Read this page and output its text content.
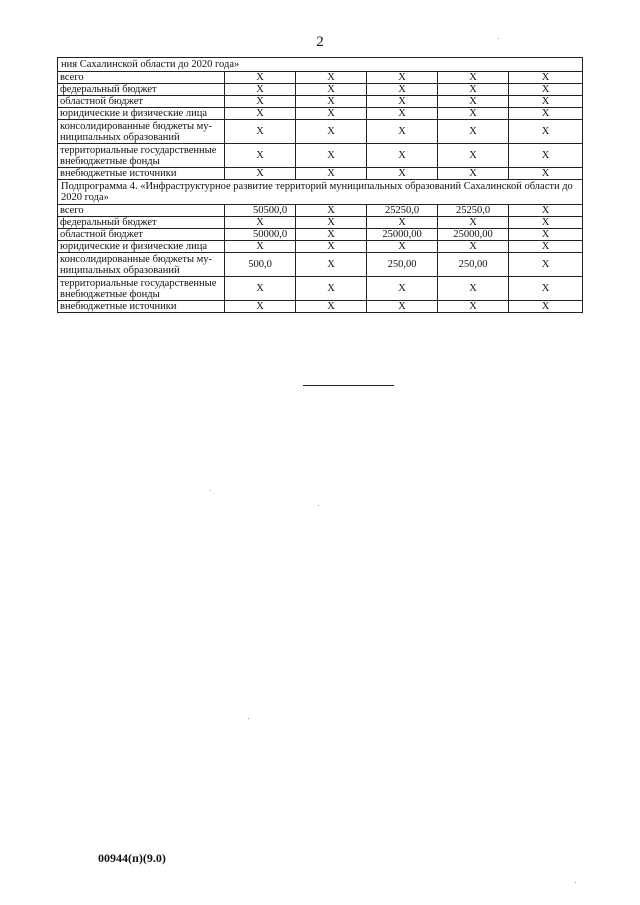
2
ния Сахалинской области до 2020 года»					
всего	X	X	X	X	X
федеральный бюджет	X	X	X	X	X
областной бюджет	X	X	X	X	X
юридические и физические лица	X	X	X	X	X
консолидированные бюджеты му-ниципальных образований	X	X	X	X	X
территориальные государственные внебюджетные фонды	X	X	X	X	X
внебюджетные источники	X	X	X	X	X
Подпрограмма 4. «Инфраструктурное развитие территорий муниципальных образований Сахалинской области до 2020 года»					
всего	50500,0	X	25250,0	25250,0	X
федеральный бюджет	X	X	X	X	X
областной бюджет	50000,0	X	25000,00	25000,00	X
юридические и физические лица	X	X	X	X	X
консолидированные бюджеты му-ниципальных образований	500,0	X	250,00	250,00	X
территориальные государственные внебюджетные фонды	X	X	X	X	X
внебюджетные источники	X	X	X	X	X
00944(п)(9.0)
